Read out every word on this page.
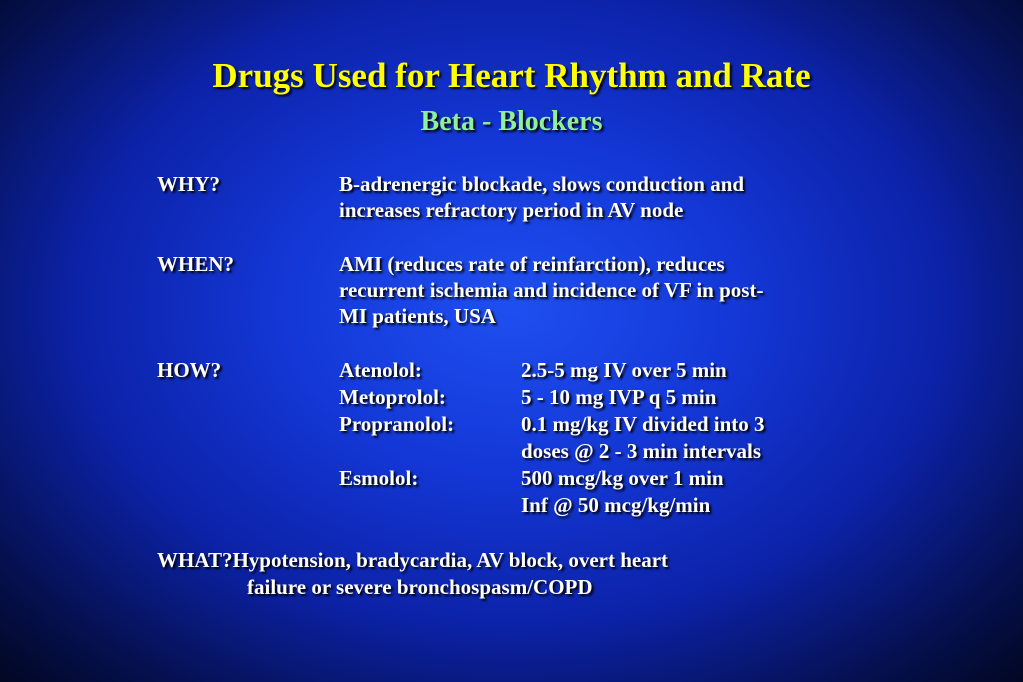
Drugs Used for Heart Rhythm and Rate
Beta - Blockers
WHY?	B-adrenergic blockade, slows conduction and
increases refractory period in AV node
WHEN?	AMI (reduces rate of reinfarction), reduces
recurrent ischemia and incidence of VF in post-
MI patients, USA
HOW?	Atenolol:	2.5-5 mg IV over 5 min
Metoprolol:	5 - 10 mg IVP q 5 min
Propranolol:	0.1 mg/kg IV divided into 3
doses @ 2 - 3 min intervals
Esmolol:	500 mcg/kg over 1 min
Inf @ 50 mcg/kg/min
WHAT?Hypotension, bradycardia, AV block, overt heart
failure or severe bronchospasm/COPD
